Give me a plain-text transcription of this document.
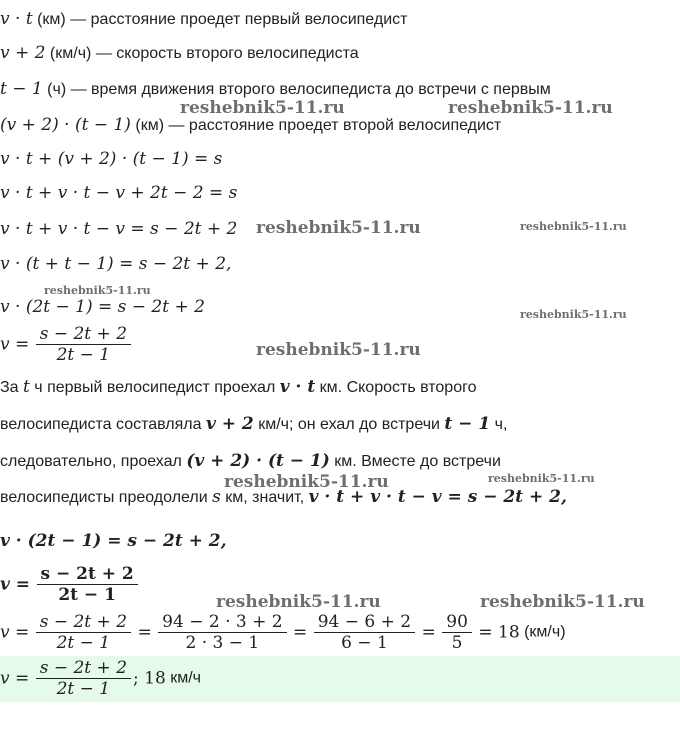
v · t (км) — расстояние проедет первый велосипедист
v + 2 (км/ч) — скорость второго велосипедиста
t − 1 (ч) — время движения второго велосипедиста до встречи с первым
(v + 2) · (t − 1) (км) — расстояние проедет второй велосипедист
v · t + (v + 2) · (t − 1) = s
v · t + v · t − v + 2t − 2 = s
v · t + v · t − v = s − 2t + 2
v · (t + t − 1) = s − 2t + 2,
v · (2t − 1) = s − 2t + 2
$v = \frac{s - 2t + 2}{2t - 1}$
За t ч первый велосипедист проехал v · t км. Скорость второго
велосипедиста составляла v + 2 км/ч; он ехал до встречи t − 1 ч,
следовательно, проехал (v + 2) · (t − 1) км. Вместе до встречи
велосипедисты преодолели s км, значит, v · t + v · t − v = s − 2t + 2,
v · (2t − 1) = s − 2t + 2,
$v = \frac{s - 2t + 2}{2t - 1}$
$v = \frac{s - 2t + 2}{2t - 1} = \frac{94 - 2 \cdot 3 + 2}{2 \cdot 3 - 1} = \frac{94 - 6 + 2}{6 - 1} = \frac{90}{5} = 18$ (км/ч)
$v = \frac{s - 2t + 2}{2t - 1}$ ; 18 км/ч
reshebnik5-11.ru	reshebnik5-11.ru
reshebnik5-11.ru	reshebnik5-11.ru
reshebnik5-11.ru
reshebnik5-11.ru
reshebnik5-11.ru
reshebnik5-11.ru	reshebnik5-11.ru
reshebnik5-11.ru	reshebnik5-11.ru
